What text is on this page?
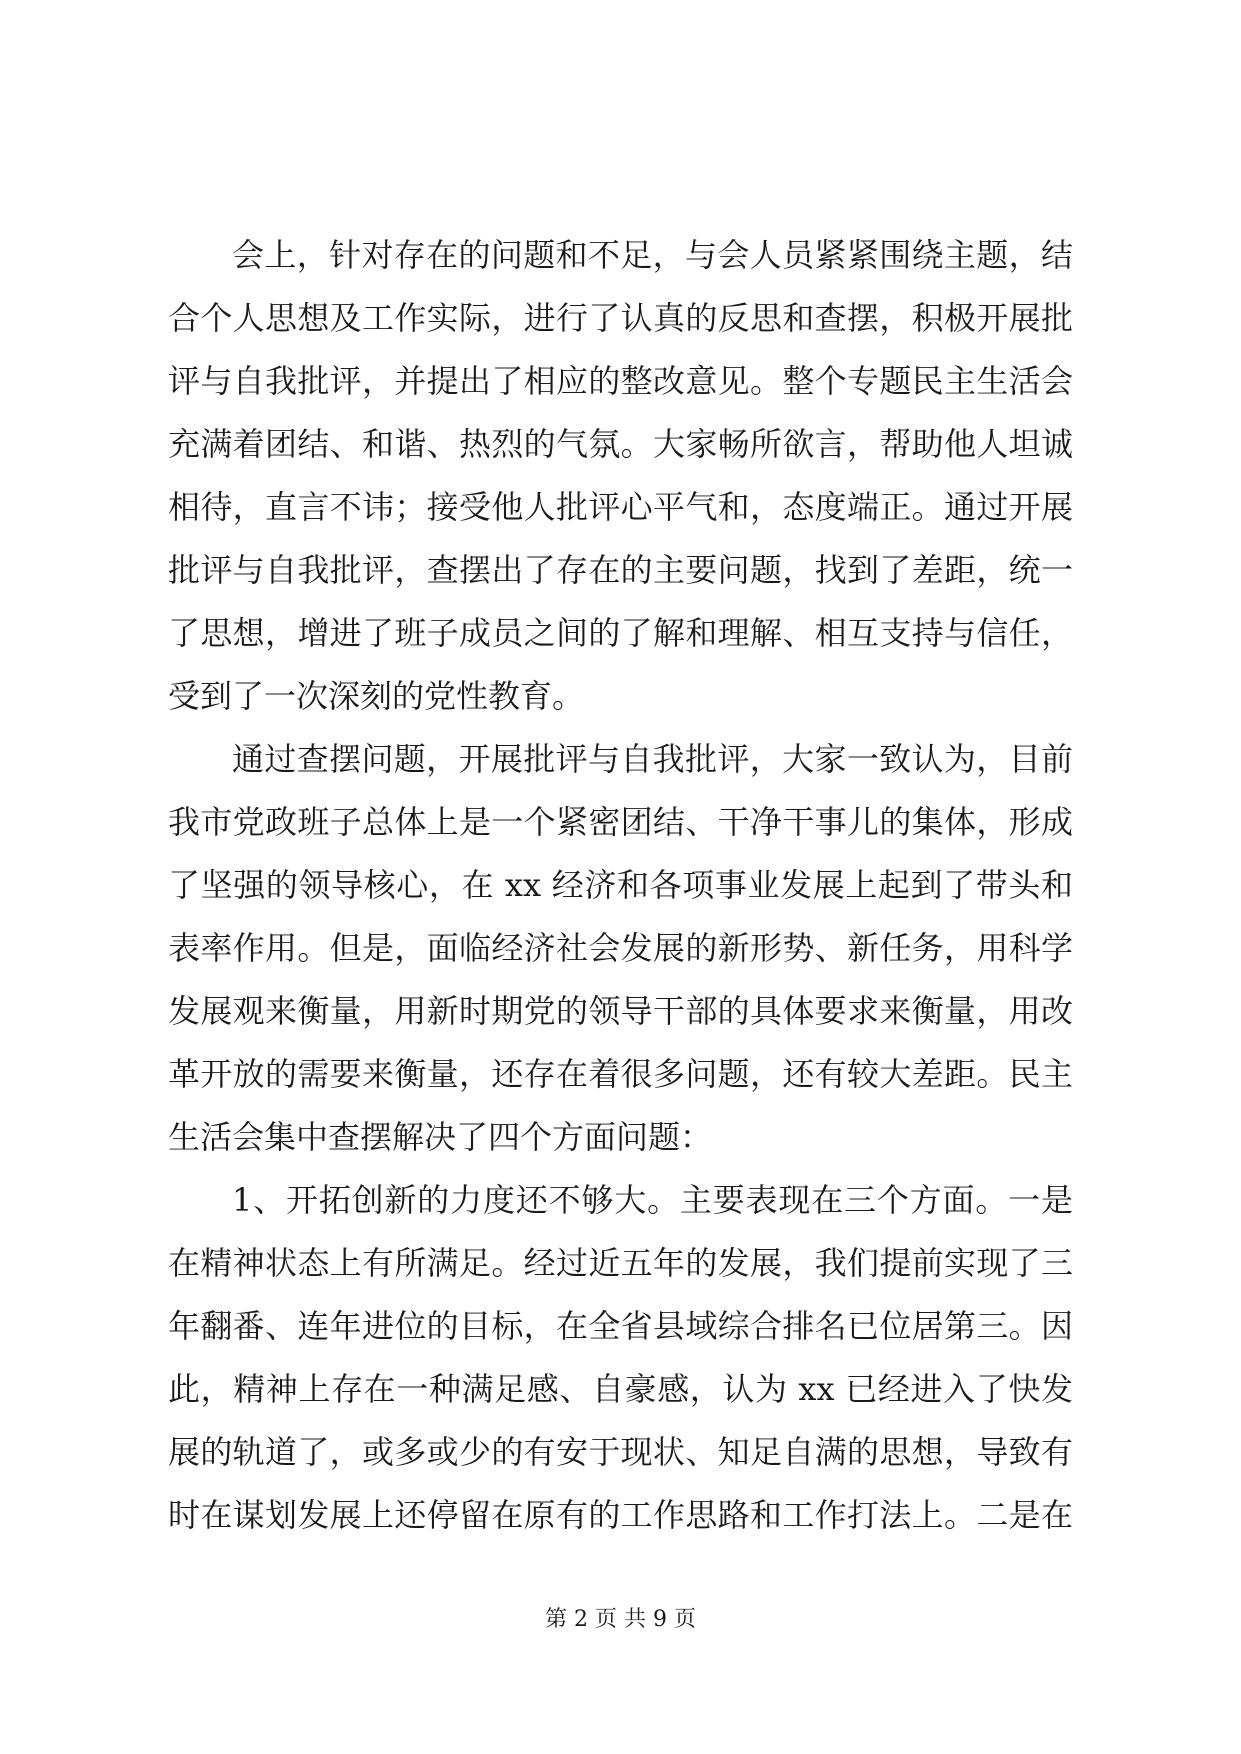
会上，针对存在的问题和不足，与会人员紧紧围绕主题，结
合个人思想及工作实际，进行了认真的反思和查摆，积极开展批
评与自我批评，并提出了相应的整改意见。整个专题民主生活会
充满着团结、和谐、热烈的气氛。大家畅所欲言，帮助他人坦诚
相待，直言不讳；接受他人批评心平气和，态度端正。通过开展
批评与自我批评，查摆出了存在的主要问题，找到了差距，统一
了思想，增进了班子成员之间的了解和理解、相互支持与信任，
受到了一次深刻的党性教育。
通过查摆问题，开展批评与自我批评，大家一致认为，目前
我市党政班子总体上是一个紧密团结、干净干事儿的集体，形成
了坚强的领导核心，在 xx 经济和各项事业发展上起到了带头和
表率作用。但是，面临经济社会发展的新形势、新任务，用科学
发展观来衡量，用新时期党的领导干部的具体要求来衡量，用改
革开放的需要来衡量，还存在着很多问题，还有较大差距。民主
生活会集中查摆解决了四个方面问题：
1、开拓创新的力度还不够大。主要表现在三个方面。一是
在精神状态上有所满足。经过近五年的发展，我们提前实现了三
年翻番、连年进位的目标，在全省县域综合排名已位居第三。因
此，精神上存在一种满足感、自豪感，认为 xx 已经进入了快发
展的轨道了，或多或少的有安于现状、知足自满的思想，导致有
时在谋划发展上还停留在原有的工作思路和工作打法上。二是在
第 2 页 共 9 页
